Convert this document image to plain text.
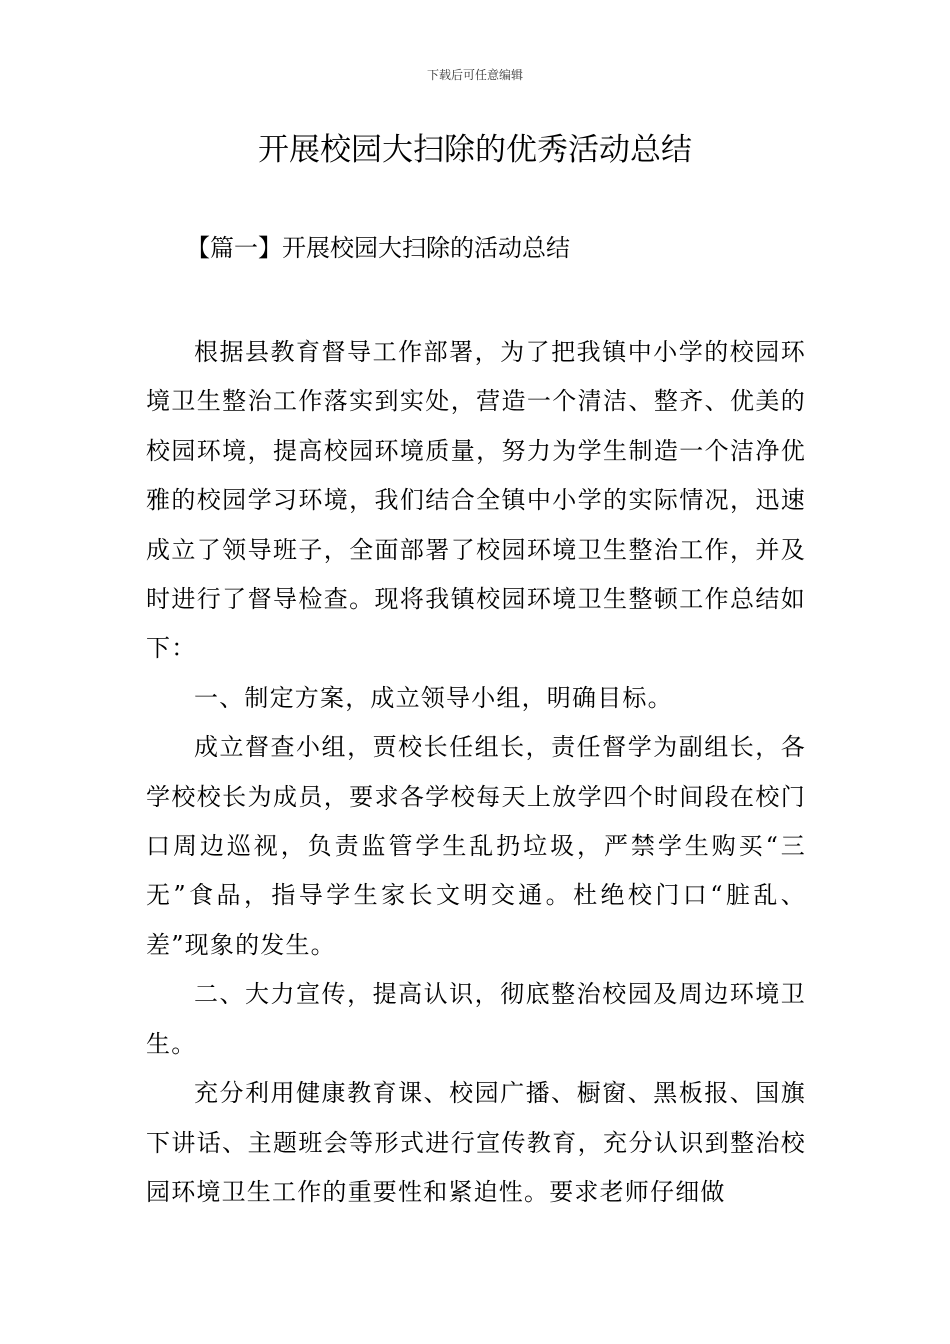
下载后可任意编辑
开展校园大扫除的优秀活动总结
【篇一】开展校园大扫除的活动总结

根据县教育督导工作部署，为了把我镇中小学的校园环境卫生整治工作落实到实处，营造一个清洁、整齐、优美的校园环境，提高校园环境质量，努力为学生制造一个洁净优雅的校园学习环境，我们结合全镇中小学的实际情况，迅速成立了领导班子，全面部署了校园环境卫生整治工作，并及时进行了督导检查。现将我镇校园环境卫生整顿工作总结如下：

一、制定方案，成立领导小组，明确目标。

成立督查小组，贾校长任组长，责任督学为副组长，各学校校长为成员，要求各学校每天上放学四个时间段在校门口周边巡视，负责监管学生乱扔垃圾，严禁学生购买“三无”食品，指导学生家长文明交通。杜绝校门口“脏乱、差”现象的发生。

二、大力宣传，提高认识，彻底整治校园及周边环境卫生。

充分利用健康教育课、校园广播、橱窗、黑板报、国旗下讲话、主题班会等形式进行宣传教育，充分认识到整治校园环境卫生工作的重要性和紧迫性。要求老师仔细做
